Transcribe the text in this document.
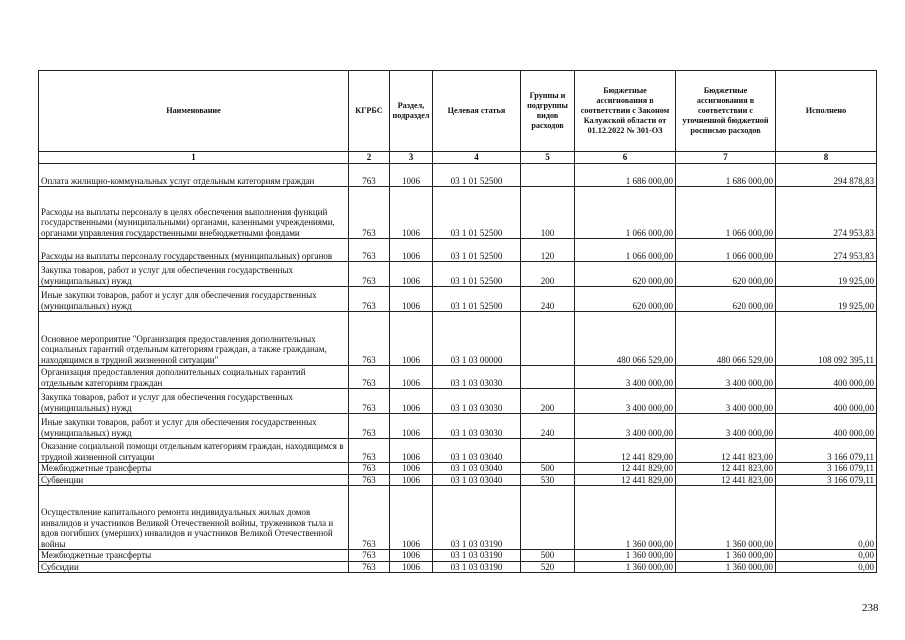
Наименование	КГРБС	Раздел, подраздел	Целевая статья	Группы и подгруппы видов расходов	Бюджетные ассигнования в соответствии с Законом Калужской области от 01.12.2022 № 301-ОЗ	Бюджетные ассигнования в соответствии с уточненной бюджетной росписью расходов	Исполнено
1	2	3	4	5	6	7	8
Оплата жилищно-коммунальных услуг отдельным категориям граждан	763	1006	03 1 01 52500		1 686 000,00	1 686 000,00	294 878,83
Расходы на выплаты персоналу в целях обеспечения выполнения функций государственными (муниципальными) органами, казенными учреждениями, органами управления государственными внебюджетными фондами	763	1006	03 1 01 52500	100	1 066 000,00	1 066 000,00	274 953,83
Расходы на выплаты персоналу государственных (муниципальных) органов	763	1006	03 1 01 52500	120	1 066 000,00	1 066 000,00	274 953,83
Закупка товаров, работ и услуг для обеспечения государственных (муниципальных) нужд	763	1006	03 1 01 52500	200	620 000,00	620 000,00	19 925,00
Иные закупки товаров, работ и услуг для обеспечения государственных (муниципальных) нужд	763	1006	03 1 01 52500	240	620 000,00	620 000,00	19 925,00
Основное мероприятие "Организация предоставления дополнительных социальных гарантий отдельным категориям граждан, а также гражданам, находящимся в трудной жизненной ситуации"	763	1006	03 1 03 00000		480 066 529,00	480 066 529,00	108 092 395,11
Организация предоставления дополнительных социальных гарантий отдельным категориям граждан	763	1006	03 1 03 03030		3 400 000,00	3 400 000,00	400 000,00
Закупка товаров, работ и услуг для обеспечения государственных (муниципальных) нужд	763	1006	03 1 03 03030	200	3 400 000,00	3 400 000,00	400 000,00
Иные закупки товаров, работ и услуг для обеспечения государственных (муниципальных) нужд	763	1006	03 1 03 03030	240	3 400 000,00	3 400 000,00	400 000,00
Оказание социальной помощи отдельным категориям граждан, находящимся в трудной жизненной ситуации	763	1006	03 1 03 03040		12 441 829,00	12 441 823,00	3 166 079,11
Межбюджетные трансферты	763	1006	03 1 03 03040	500	12 441 829,00	12 441 823,00	3 166 079,11
Субвенции	763	1006	03 1 03 03040	530	12 441 829,00	12 441 823,00	3 166 079,11
Осуществление капитального ремонта индивидуальных жилых домов инвалидов и участников Великой Отечественной войны, тружеников тыла и вдов погибших (умерших) инвалидов и участников Великой Отечественной войны	763	1006	03 1 03 03190		1 360 000,00	1 360 000,00	0,00
Межбюджетные трансферты	763	1006	03 1 03 03190	500	1 360 000,00	1 360 000,00	0,00
Субсидии	763	1006	03 1 03 03190	520	1 360 000,00	1 360 000,00	0,00
238
